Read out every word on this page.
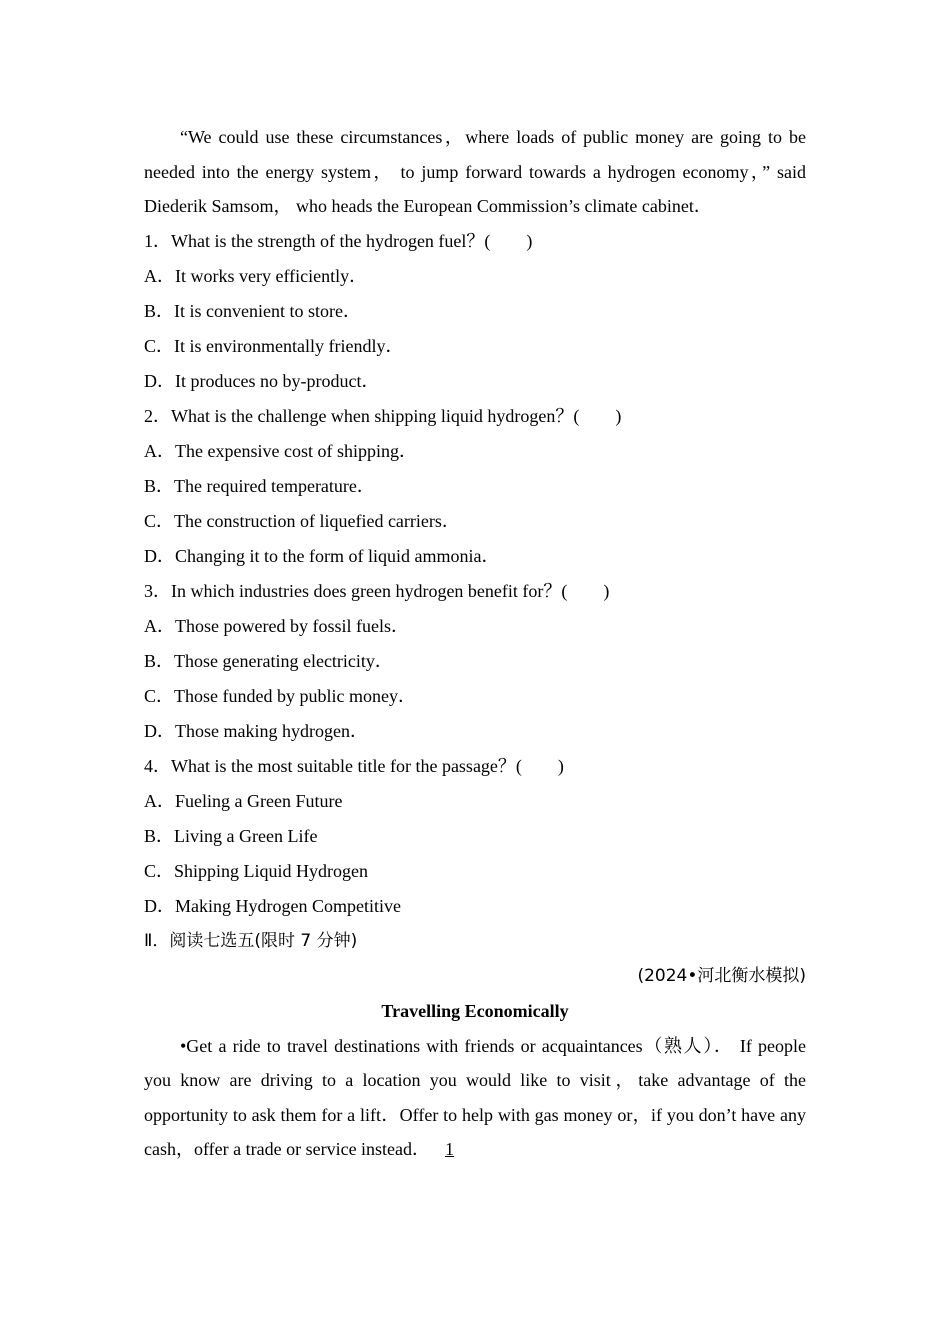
“We could use these circumstances，where loads of public money are going to be needed into the energy system， to jump forward towards a hydrogen economy，” said Diederik Samsom， who heads the European Commission’s climate cabinet．

1．What is the strength of the hydrogen fuel？(　　)

A．It works very efficiently．

B．It is convenient to store．

C．It is environmentally friendly．

D．It produces no by-product．

2．What is the challenge when shipping liquid hydrogen？(　　)

A．The expensive cost of shipping．

B．The required temperature．

C．The construction of liquefied carriers．

D．Changing it to the form of liquid ammonia．

3．In which industries does green hydrogen benefit for？(　　)

A．Those powered by fossil fuels．

B．Those generating electricity．

C．Those funded by public money．

D．Those making hydrogen．

4．What is the most suitable title for the passage？(　　)

A．Fueling a Green Future

B．Living a Green Life

C．Shipping Liquid Hydrogen

D．Making Hydrogen Competitive

Ⅱ．阅读七选五(限时 7 分钟)

(2024•河北衡水模拟)

Travelling Economically

•Get a ride to travel destinations with friends or acquaintances（熟人）． If people you know are driving to a location you would like to visit，take advantage of the opportunity to ask them for a lift．Offer to help with gas money or，if you don’t have any cash，offer a trade or service instead． 1
